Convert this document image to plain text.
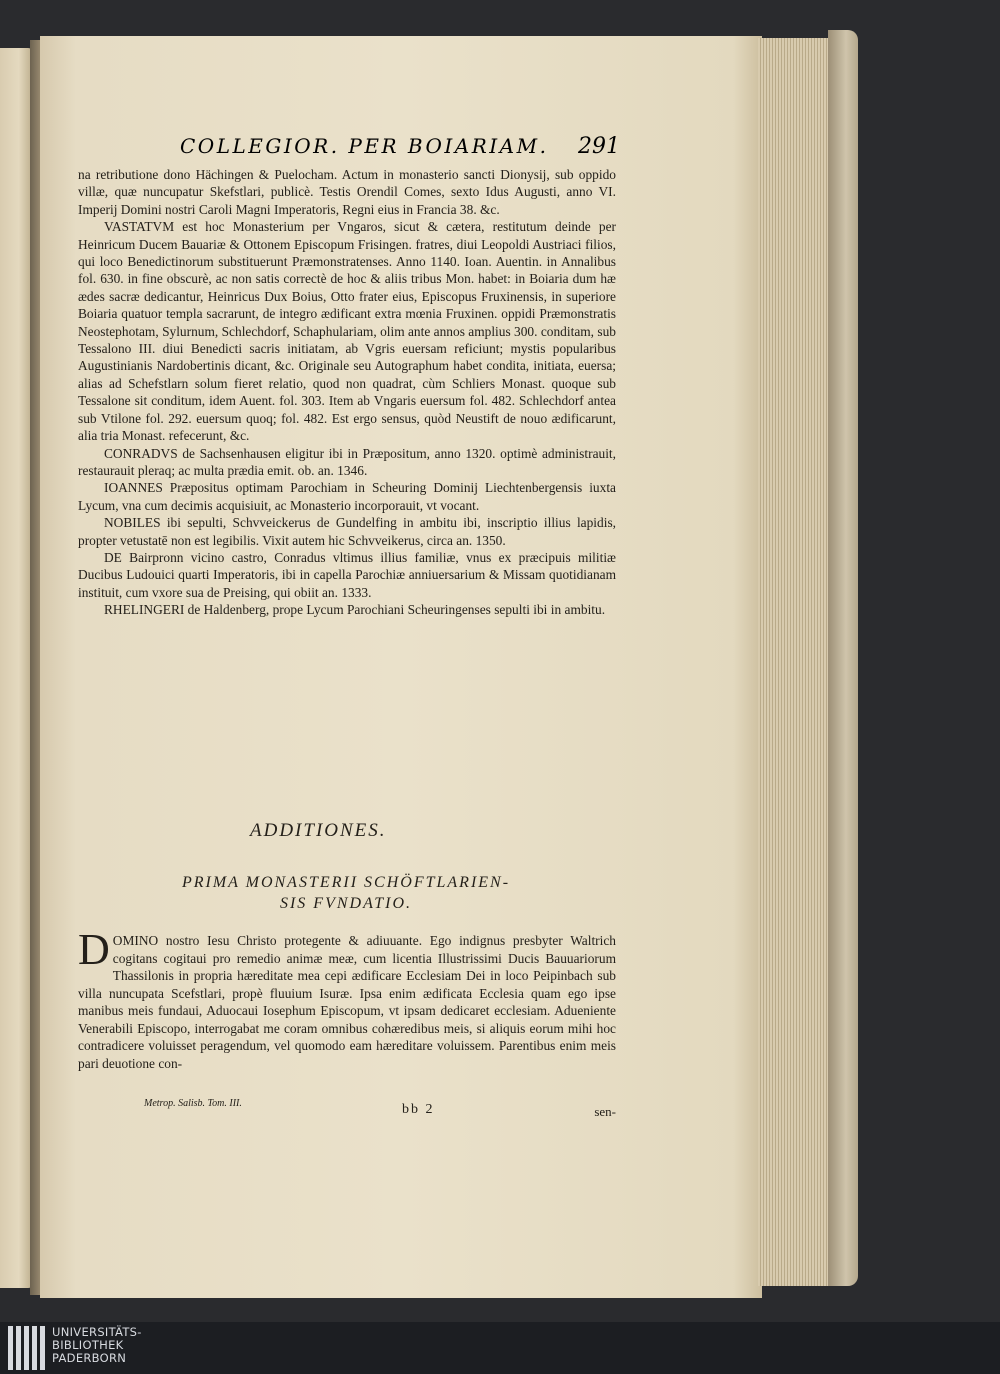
COLLEGIOR. PER BOIARIAM. 291

na retributione dono Hächingen & Puelocham. Actum in monasterio sancti Dionysij, sub oppido villæ, quæ nuncupatur Skefstlari, publicè. Testis Orendil Comes, sexto Idus Augusti, anno VI. Imperij Domini nostri Caroli Magni Imperatoris, Regni eius in Francia 38. &c.

VASTATVM est hoc Monasterium per Vngaros, sicut & cætera, restitutum deinde per Heinricum Ducem Bauariæ & Ottonem Episcopum Frisingen. fratres, diui Leopoldi Austriaci filios, qui loco Benedictinorum substituerunt Præmonstratenses. Anno 1140. Ioan. Auentin. in Annalibus fol. 630. in fine obscurè, ac non satis correctè de hoc & aliis tribus Mon. habet: in Boiaria dum hæ ædes sacræ dedicantur, Heinricus Dux Boius, Otto frater eius, Episcopus Fruxinensis, in superiore Boiaria quatuor templa sacrarunt, de integro ædificant extra mœnia Fruxinen. oppidi Præmonstratis Neostephotam, Sylurnum, Schlechdorf, Schaphulariam, olim ante annos amplius 300. conditam, sub Tessalono III. diui Benedicti sacris initiatam, ab Vgris euersam reficiunt; mystis popularibus Augustinianis Nardobertinis dicant, &c. Originale seu Autographum habet condita, initiata, euersa; alias ad Schefstlarn solum fieret relatio, quod non quadrat, cùm Schliers Monast. quoque sub Tessalone sit conditum, idem Auent. fol. 303. Item ab Vngaris euersum fol. 482. Schlechdorf antea sub Vtilone fol. 292. euersum quoq; fol. 482. Est ergo sensus, quòd Neustift de nouo ædificarunt, alia tria Monast. refecerunt, &c.

CONRADVS de Sachsenhausen eligitur ibi in Præpositum, anno 1320. optimè administrauit, restaurauit pleraq; ac multa prædia emit. ob. an. 1346.

IOANNES Præpositus optimam Parochiam in Scheuring Dominij Liechtenbergensis iuxta Lycum, vna cum decimis acquisiuit, ac Monasterio incorporauit, vt vocant.

NOBILES ibi sepulti, Schvveickerus de Gundelfing in ambitu ibi, inscriptio illius lapidis, propter vetustatē non est legibilis. Vixit autem hic Schvveikerus, circa an. 1350.

DE Bairpronn vicino castro, Conradus vltimus illius familiæ, vnus ex præcipuis militiæ Ducibus Ludouici quarti Imperatoris, ibi in capella Parochiæ anniuersarium & Missam quotidianam instituit, cum vxore sua de Preising, qui obiit an. 1333.

RHELINGERI de Haldenberg, prope Lycum Parochiani Scheuringenses sepulti ibi in ambitu.

ADDITIONES.
PRIMA MONASTERII SCHÖFTLARIEN-
SIS FVNDATIO.
D OMINO nostro Iesu Christo protegente & adiuuante. Ego indignus presbyter Waltrich cogitans cogitaui pro remedio animæ meæ, cum licentia Illustrissimi Ducis Bauuariorum Thassilonis in propria hæreditate mea cepi ædificare Ecclesiam Dei in loco Peipinbach sub villa nuncupata Scefstlari, propè fluuium Isuræ. Ipsa enim ædificata Ecclesia quam ego ipse manibus meis fundaui, Aduocaui Iosephum Episcopum, vt ipsam dedicaret ecclesiam. Adueniente Venerabili Episcopo, interrogabat me coram omnibus cohæredibus meis, si aliquis eorum mihi hoc contradicere voluisset peragendum, vel quomodo eam hæreditare voluissem. Parentibus enim meis pari deuotione con-
Metrop. Salisb. Tom. III.	bb 2	sen-
UNIVERSITÄTS-
BIBLIOTHEK
PADERBORN
